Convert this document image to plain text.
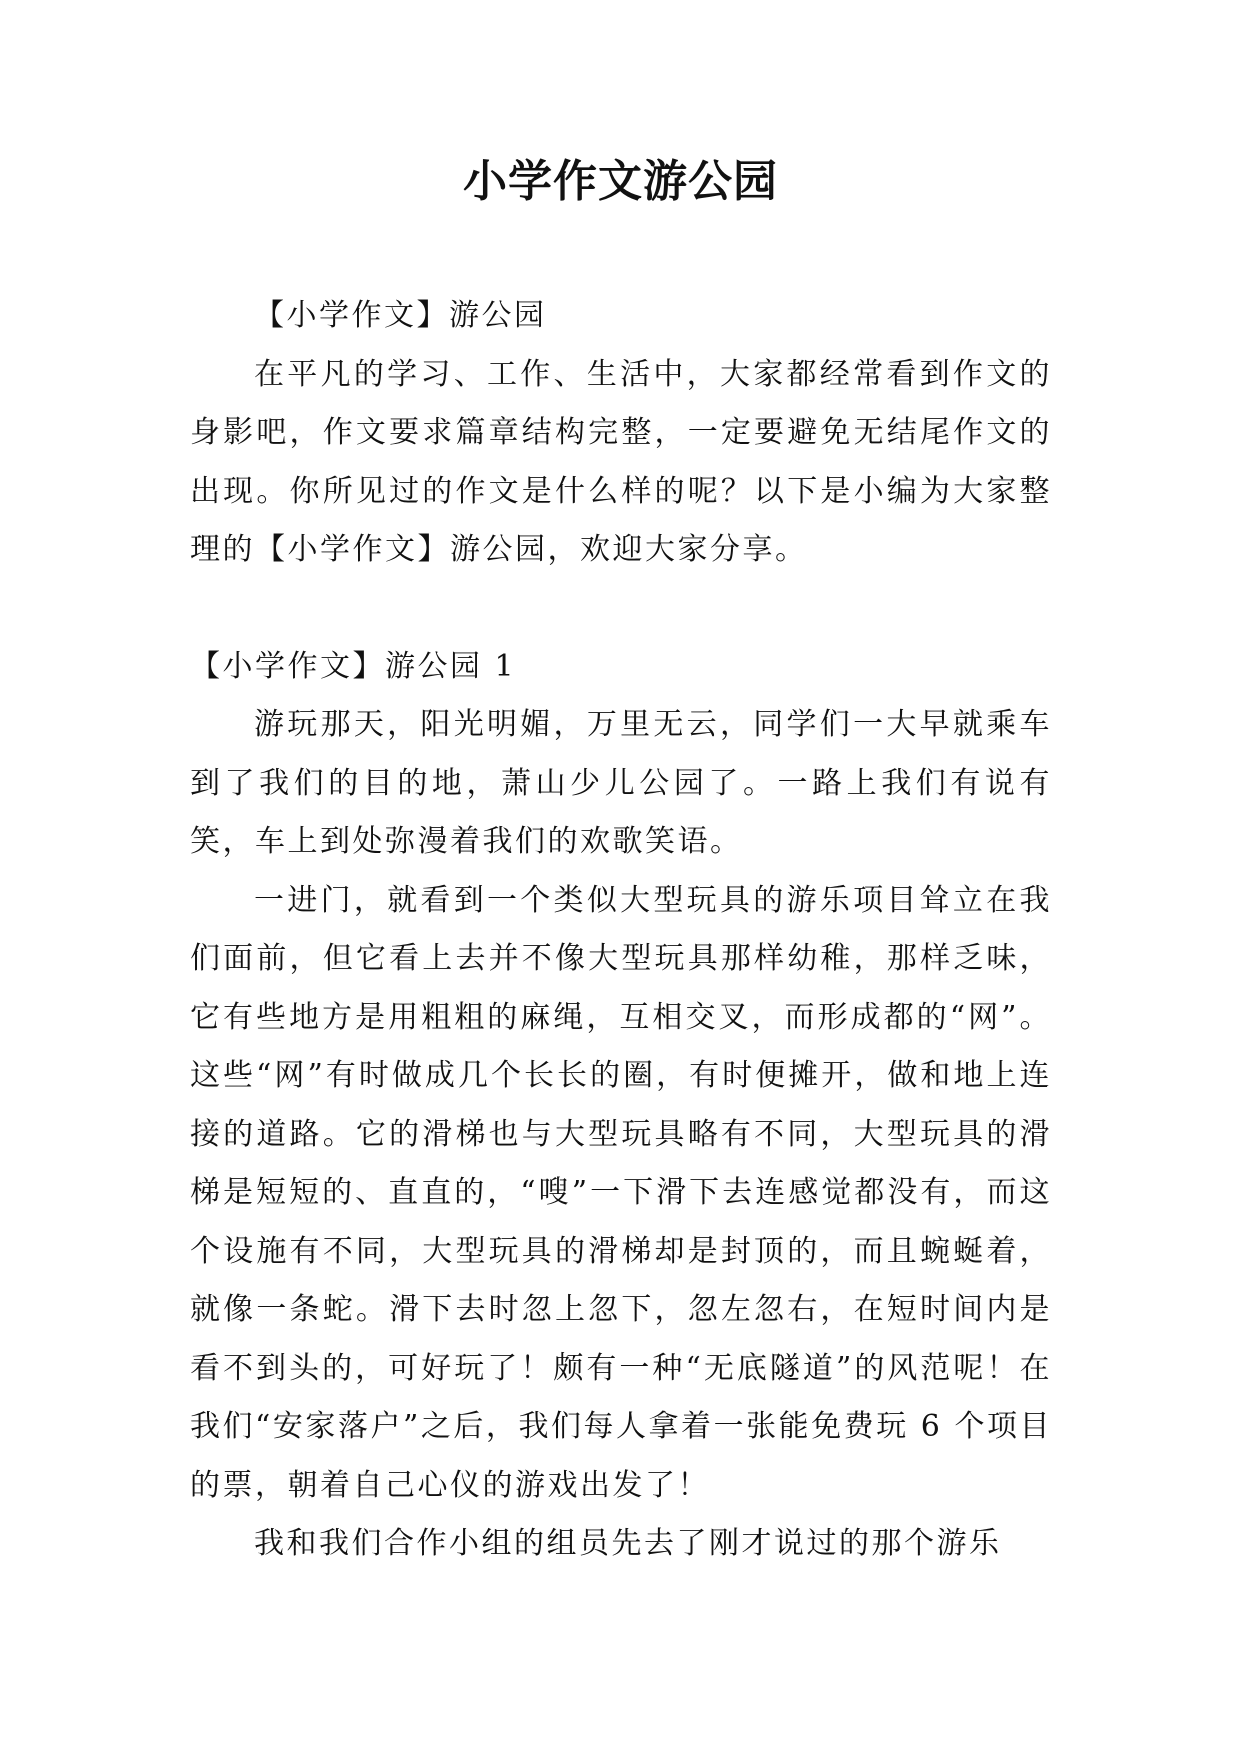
小学作文游公园

【小学作文】游公园

在平凡的学习、工作、生活中，大家都经常看到作文的身影吧，作文要求篇章结构完整，一定要避免无结尾作文的出现。你所见过的作文是什么样的呢？以下是小编为大家整理的【小学作文】游公园，欢迎大家分享。

【小学作文】游公园 1

游玩那天，阳光明媚，万里无云，同学们一大早就乘车到了我们的目的地，萧山少儿公园了。一路上我们有说有笑，车上到处弥漫着我们的欢歌笑语。

一进门，就看到一个类似大型玩具的游乐项目耸立在我们面前，但它看上去并不像大型玩具那样幼稚，那样乏味，它有些地方是用粗粗的麻绳，互相交叉，而形成都的“网”。这些“网”有时做成几个长长的圈，有时便摊开，做和地上连接的道路。它的滑梯也与大型玩具略有不同，大型玩具的滑梯是短短的、直直的，“嗖”一下滑下去连感觉都没有，而这个设施有不同，大型玩具的滑梯却是封顶的，而且蜿蜒着，就像一条蛇。滑下去时忽上忽下，忽左忽右，在短时间内是看不到头的，可好玩了！颇有一种“无底隧道”的风范呢！在我们“安家落户”之后，我们每人拿着一张能免费玩 6 个项目的票，朝着自己心仪的游戏出发了！

我和我们合作小组的组员先去了刚才说过的那个游乐
